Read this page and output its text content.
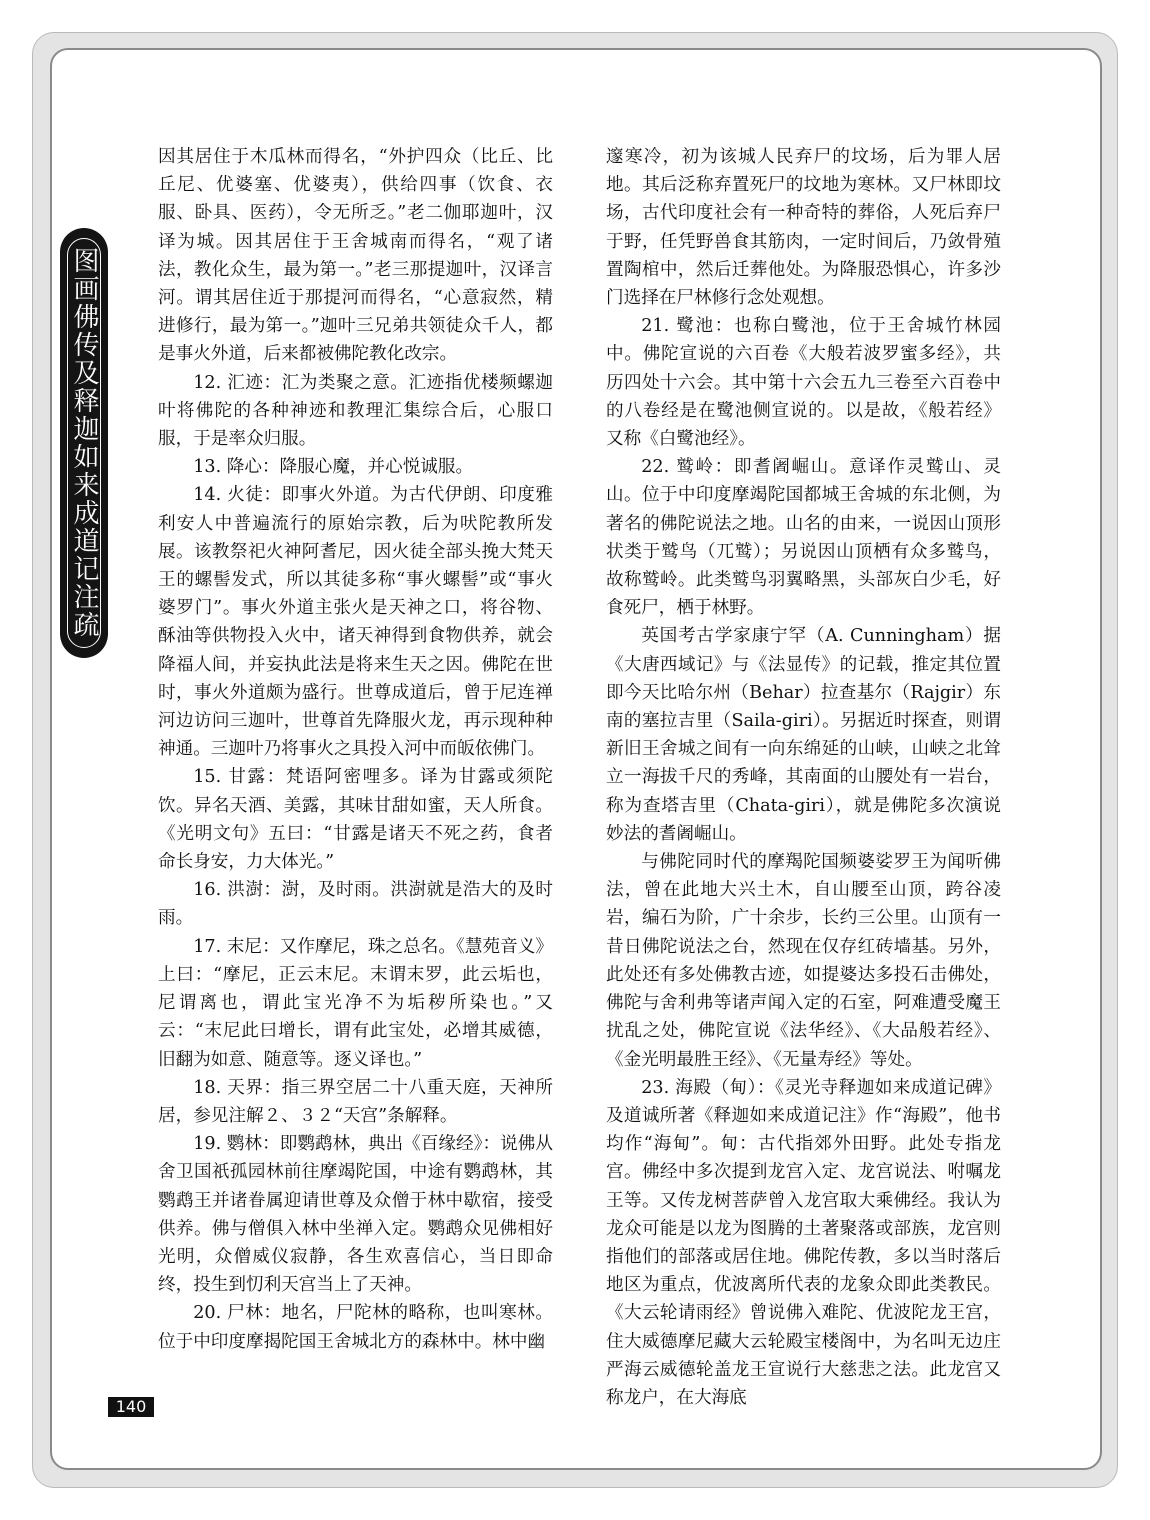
图画佛传及释迦如来成道记注疏

因其居住于木瓜林而得名，“外护四众（比丘、比丘尼、优婆塞、优婆夷），供给四事（饮食、衣服、卧具、医药），令无所乏。”老二伽耶迦叶，汉译为城。因其居住于王舍城南而得名，“观了诸法，教化众生，最为第一。”老三那提迦叶，汉译言河。谓其居住近于那提河而得名，“心意寂然，精进修行，最为第一。”迦叶三兄弟共领徒众千人，都是事火外道，后来都被佛陀教化改宗。

12. 汇迹：汇为类聚之意。汇迹指优楼频螺迦叶将佛陀的各种神迹和教理汇集综合后，心服口服，于是率众归服。

13. 降心：降服心魔，并心悦诚服。

14. 火徒：即事火外道。为古代伊朗、印度雅利安人中普遍流行的原始宗教，后为吠陀教所发展。该教祭祀火神阿耆尼，因火徒全部头挽大梵天王的螺髻发式，所以其徒多称“事火螺髻”或“事火婆罗门”。事火外道主张火是天神之口，将谷物、酥油等供物投入火中，诸天神得到食物供养，就会降福人间，并妄执此法是将来生天之因。佛陀在世时，事火外道颇为盛行。世尊成道后，曾于尼连禅河边访问三迦叶，世尊首先降服火龙，再示现种种神通。三迦叶乃将事火之具投入河中而皈依佛门。

15. 甘露：梵语阿密哩多。译为甘露或须陀饮。异名天酒、美露，其味甘甜如蜜，天人所食。《光明文句》五曰：“甘露是诸天不死之药，食者命长身安，力大体光。”

16. 洪澍：澍，及时雨。洪澍就是浩大的及时雨。

17. 末尼：又作摩尼，珠之总名。《慧苑音义》上曰：“摩尼，正云末尼。末谓末罗，此云垢也，尼谓离也，谓此宝光净不为垢秽所染也。”又云：“末尼此曰增长，谓有此宝处，必增其威德，旧翻为如意、随意等。逐义译也。”

18. 天界：指三界空居二十八重天庭，天神所居，参见注解２、３２“天宫”条解释。

19. 鹦林：即鹦鹉林，典出《百缘经》：说佛从舍卫国祇孤园林前往摩竭陀国，中途有鹦鹉林，其鹦鹉王并诸眷属迎请世尊及众僧于林中歇宿，接受供养。佛与僧俱入林中坐禅入定。鹦鹉众见佛相好光明，众僧威仪寂静，各生欢喜信心，当日即命终，投生到忉利天宫当上了天神。

20. 尸林：地名，尸陀林的略称，也叫寒林。位于中印度摩揭陀国王舍城北方的森林中。林中幽

邃寒冷，初为该城人民弃尸的坟场，后为罪人居地。其后泛称弃置死尸的坟地为寒林。又尸林即坟场，古代印度社会有一种奇特的葬俗，人死后弃尸于野，任凭野兽食其筋肉，一定时间后，乃敛骨殖置陶棺中，然后迁葬他处。为降服恐惧心，许多沙门选择在尸林修行念处观想。

21. 鹭池：也称白鹭池，位于王舍城竹林园中。佛陀宣说的六百卷《大般若波罗蜜多经》，共历四处十六会。其中第十六会五九三卷至六百卷中的八卷经是在鹭池侧宣说的。以是故，《般若经》又称《白鹭池经》。

22. 鹫岭：即耆阇崛山。意译作灵鹫山、灵山。位于中印度摩竭陀国都城王舍城的东北侧，为著名的佛陀说法之地。山名的由来，一说因山顶形状类于鹫鸟（兀鹫）；另说因山顶栖有众多鹫鸟，故称鹫岭。此类鹫鸟羽翼略黑，头部灰白少毛，好食死尸，栖于林野。

英国考古学家康宁罕（A. Cunningham）据《大唐西域记》与《法显传》的记载，推定其位置即今天比哈尔州（Behar）拉查基尔（Rajgir）东南的塞拉吉里（Saila-giri）。另据近时探查，则谓新旧王舍城之间有一向东绵延的山峡，山峡之北耸立一海拔千尺的秀峰，其南面的山腰处有一岩台，称为查塔吉里（Chata-giri），就是佛陀多次演说妙法的耆阇崛山。

与佛陀同时代的摩羯陀国频婆娑罗王为闻听佛法，曾在此地大兴土木，自山腰至山顶，跨谷凌岩，编石为阶，广十余步，长约三公里。山顶有一昔日佛陀说法之台，然现在仅存红砖墙基。另外，此处还有多处佛教古迹，如提婆达多投石击佛处，佛陀与舍利弗等诸声闻入定的石室，阿难遭受魔王扰乱之处，佛陀宣说《法华经》、《大品般若经》、《金光明最胜王经》、《无量寿经》等处。

23. 海殿（甸）：《灵光寺释迦如来成道记碑》及道诚所著《释迦如来成道记注》作“海殿”，他书均作“海甸”。甸：古代指郊外田野。此处专指龙宫。佛经中多次提到龙宫入定、龙宫说法、咐嘱龙王等。又传龙树菩萨曾入龙宫取大乘佛经。我认为龙众可能是以龙为图腾的土著聚落或部族，龙宫则指他们的部落或居住地。佛陀传教，多以当时落后地区为重点，优波离所代表的龙象众即此类教民。《大云轮请雨经》曾说佛入难陀、优波陀龙王宫，住大威德摩尼藏大云轮殿宝楼阁中，为名叫无边庄严海云威德轮盖龙王宣说行大慈悲之法。此龙宫又称龙户，在大海底

140
